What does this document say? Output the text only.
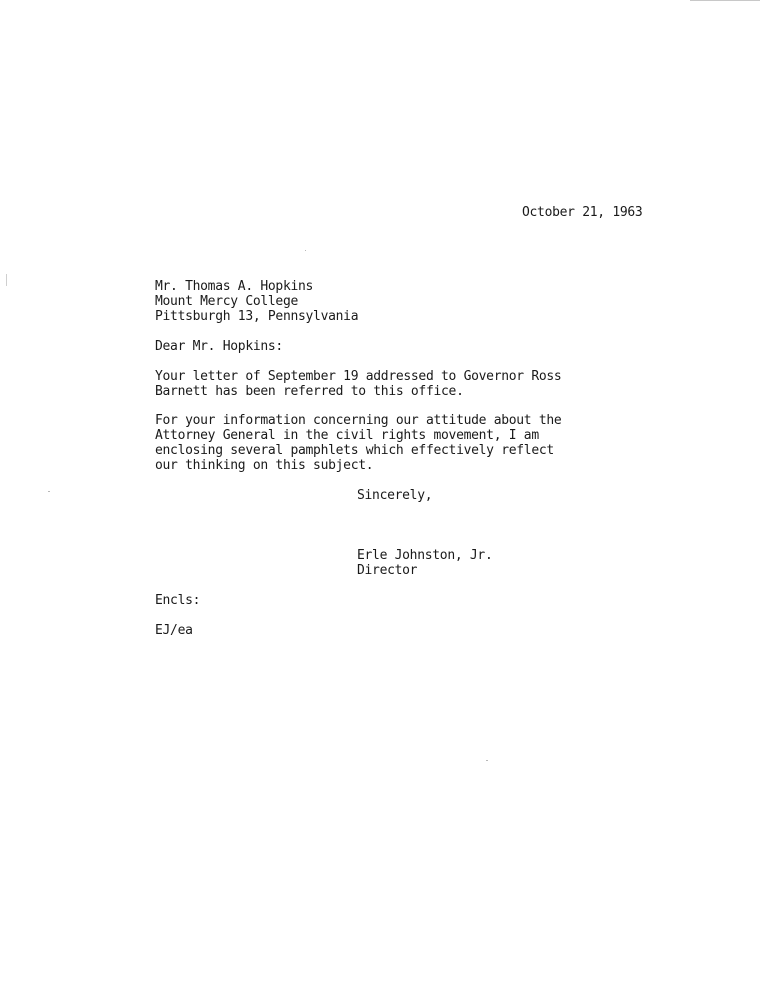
October 21, 1963
Mr. Thomas A. Hopkins
Mount Mercy College
Pittsburgh 13, Pennsylvania
Dear Mr. Hopkins:
Your letter of September 19 addressed to Governor Ross
Barnett has been referred to this office.
For your information concerning our attitude about the
Attorney General in the civil rights movement, I am
enclosing several pamphlets which effectively reflect
our thinking on this subject.
Sincerely,
Erle Johnston, Jr.
Director
Encls:
EJ/ea
